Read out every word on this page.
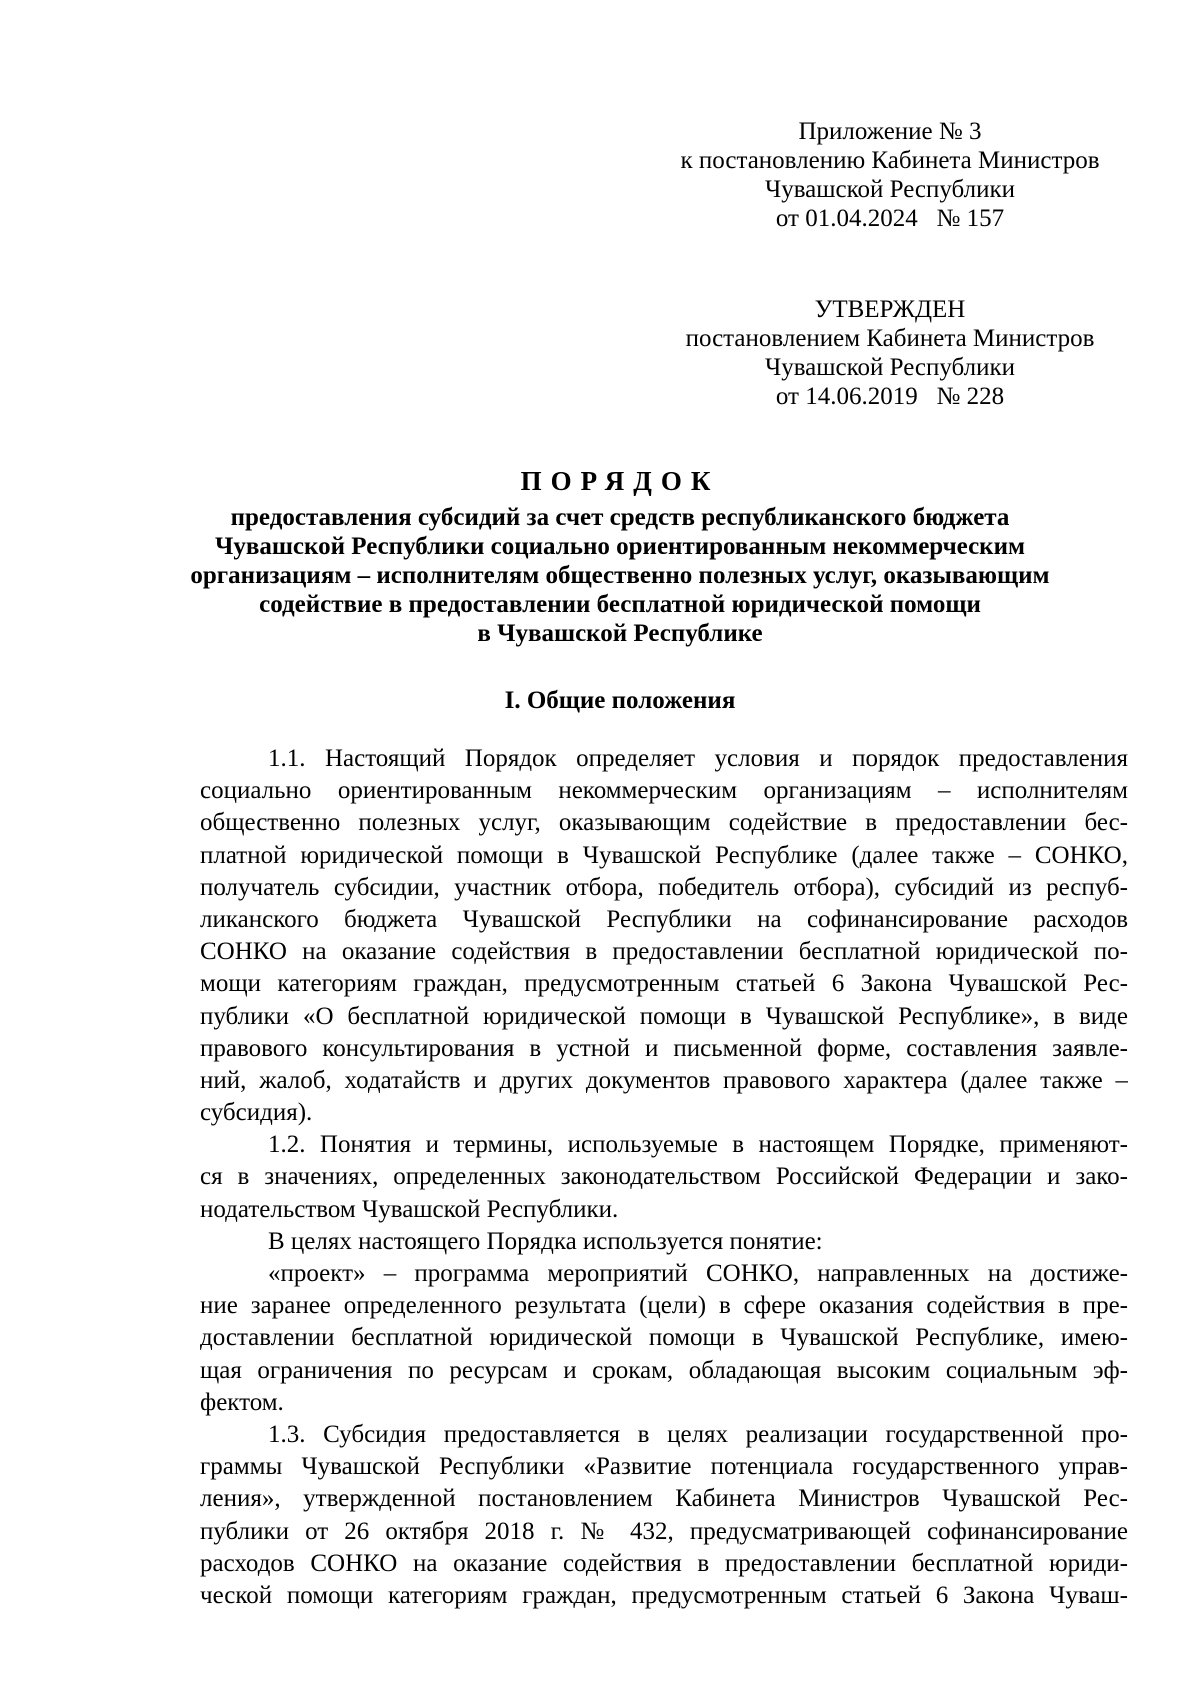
Приложение № 3
к постановлению Кабинета Министров
Чувашской Республики
от 01.04.2024   № 157
УТВЕРЖДЕН
постановлением Кабинета Министров
Чувашской Республики
от 14.06.2019   № 228
ПОРЯДОК
предоставления субсидий за счет средств республиканского бюджета
Чувашской Республики социально ориентированным некоммерческим
организациям – исполнителям общественно полезных услуг, оказывающим
содействие в предоставлении бесплатной юридической помощи
в Чувашской Республике
I. Общие положения
1.1. Настоящий Порядок определяет условия и порядок предоставления
социально ориентированным некоммерческим организациям – исполнителям
общественно полезных услуг, оказывающим содействие в предоставлении бес-
платной юридической помощи в Чувашской Республике (далее также – СОНКО,
получатель субсидии, участник отбора, победитель отбора), субсидий из респуб-
ликанского бюджета Чувашской Республики на софинансирование расходов
СОНКО на оказание содействия в предоставлении бесплатной юридической по-
мощи категориям граждан, предусмотренным статьей 6 Закона Чувашской Рес-
публики «О бесплатной юридической помощи в Чувашской Республике», в виде
правового консультирования в устной и письменной форме, составления заявле-
ний, жалоб, ходатайств и других документов правового характера (далее также –
субсидия).
1.2. Понятия и термины, используемые в настоящем Порядке, применяют-
ся в значениях, определенных законодательством Российской Федерации и зако-
нодательством Чувашской Республики.
В целях настоящего Порядка используется понятие:
«проект» – программа мероприятий СОНКО, направленных на достиже-
ние заранее определенного результата (цели) в сфере оказания содействия в пре-
доставлении бесплатной юридической помощи в Чувашской Республике, имею-
щая ограничения по ресурсам и срокам, обладающая высоким социальным эф-
фектом.
1.3. Субсидия предоставляется в целях реализации государственной про-
граммы Чувашской Республики «Развитие потенциала государственного управ-
ления», утвержденной постановлением Кабинета Министров Чувашской Рес-
публики от 26 октября 2018 г. № 432, предусматривающей софинансирование
расходов СОНКО на оказание содействия в предоставлении бесплатной юриди-
ческой помощи категориям граждан, предусмотренным статьей 6 Закона Чуваш-
